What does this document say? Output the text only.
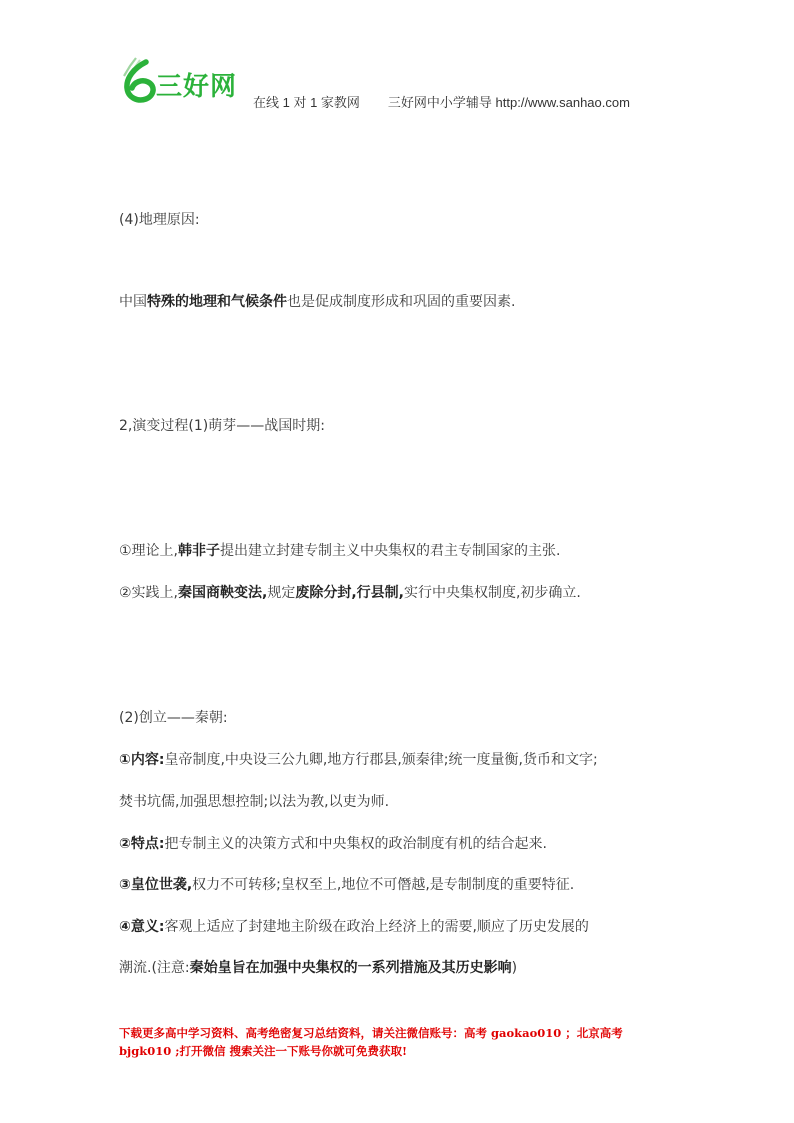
三好网
在线 1 对 1 家教网 三好网中小学辅导 http://www.sanhao.com
(4)地理原因:
中国特殊的地理和气候条件也是促成制度形成和巩固的重要因素.
2,演变过程(1)萌芽——战国时期:
①理论上,韩非子提出建立封建专制主义中央集权的君主专制国家的主张.
②实践上,秦国商鞅变法,规定废除分封,行县制,实行中央集权制度,初步确立.
(2)创立——秦朝:
①内容:皇帝制度,中央设三公九卿,地方行郡县,颁秦律;统一度量衡,货币和文字;
焚书坑儒,加强思想控制;以法为教,以吏为师.
②特点:把专制主义的决策方式和中央集权的政治制度有机的结合起来.
③皇位世袭,权力不可转移;皇权至上,地位不可僭越,是专制制度的重要特征.
④意义:客观上适应了封建地主阶级在政治上经济上的需要,顺应了历史发展的
潮流.(注意:秦始皇旨在加强中央集权的一系列措施及其历史影响)
下载更多高中学习资料、高考绝密复习总结资料，请关注微信账号：高考 gaokao010 ；北京高考
bjgk010 ;打开微信 搜索关注一下账号你就可免费获取!
